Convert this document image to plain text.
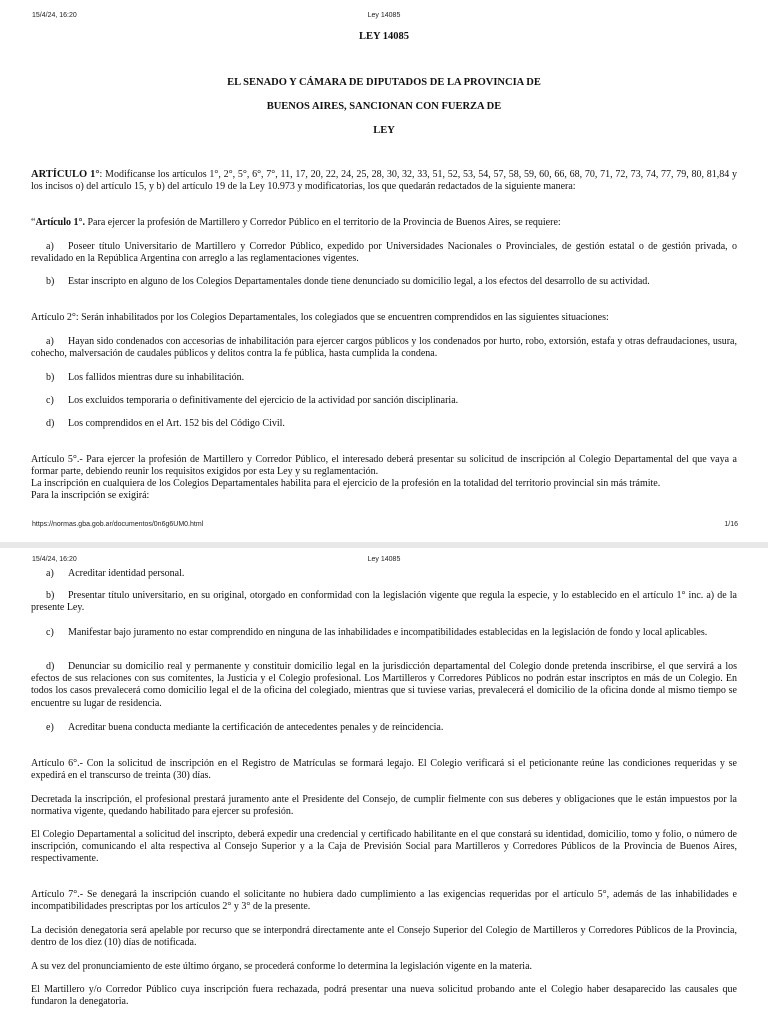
15/4/24, 16:20	Ley 14085

LEY 14085

EL SENADO Y CÁMARA DE DIPUTADOS DE LA PROVINCIA DE

BUENOS AIRES, SANCIONAN CON FUERZA DE

LEY

ARTÍCULO 1°: Modifícanse los artículos 1°, 2°, 5°, 6°, 7°, 11, 17, 20, 22, 24, 25, 28, 30, 32, 33, 51, 52, 53, 54, 57, 58, 59, 60, 66, 68, 70, 71, 72, 73, 74, 77, 79, 80, 81,84 y los incisos o) del artículo 15, y b) del artículo 19 de la Ley 10.973 y modificatorias, los que quedarán redactados de la siguiente manera:

“Artículo 1°. Para ejercer la profesión de Martillero y Corredor Público en el territorio de la Provincia de Buenos Aires, se requiere:

a) Poseer título Universitario de Martillero y Corredor Público, expedido por Universidades Nacionales o Provinciales, de gestión estatal o de gestión privada, o revalidado en la República Argentina con arreglo a las reglamentaciones vigentes.

b) Estar inscripto en alguno de los Colegios Departamentales donde tiene denunciado su domicilio legal, a los efectos del desarrollo de su actividad.

Artículo 2°: Serán inhabilitados por los Colegios Departamentales, los colegiados que se encuentren comprendidos en las siguientes situaciones:

a) Hayan sido condenados con accesorias de inhabilitación para ejercer cargos públicos y los condenados por hurto, robo, extorsión, estafa y otras defraudaciones, usura, cohecho, malversación de caudales públicos y delitos contra la fe pública, hasta cumplida la condena.

b) Los fallidos mientras dure su inhabilitación.

c) Los excluidos temporaria o definitivamente del ejercicio de la actividad por sanción disciplinaria.

d) Los comprendidos en el Art. 152 bis del Código Civil.

Artículo 5°.- Para ejercer la profesión de Martillero y Corredor Público, el interesado deberá presentar su solicitud de inscripción al Colegio Departamental del que vaya a formar parte, debiendo reunir los requisitos exigidos por esta Ley y su reglamentación.

La inscripción en cualquiera de los Colegios Departamentales habilita para el ejercicio de la profesión en la totalidad del territorio provincial sin más trámite.

Para la inscripción se exigirá:

https://normas.gba.gob.ar/documentos/0n6g6UM0.html	1/16
15/4/24, 16:20	Ley 14085

a) Acreditar identidad personal.

b) Presentar título universitario, en su original, otorgado en conformidad con la legislación vigente que regula la especie, y lo establecido en el artículo 1° inc. a) de la presente Ley.

c) Manifestar bajo juramento no estar comprendido en ninguna de las inhabilidades e incompatibilidades establecidas en la legislación de fondo y local aplicables.

d) Denunciar su domicilio real y permanente y constituir domicilio legal en la jurisdicción departamental del Colegio donde pretenda inscribirse, el que servirá a los efectos de sus relaciones con sus comitentes, la Justicia y el Colegio profesional. Los Martilleros y Corredores Públicos no podrán estar inscriptos en más de un Colegio. En todos los casos prevalecerá como domicilio legal el de la oficina del colegiado, mientras que si tuviese varias, prevalecerá el domicilio de la oficina donde al mismo tiempo se encuentre su lugar de residencia.

e) Acreditar buena conducta mediante la certificación de antecedentes penales y de reincidencia.

Artículo 6°.- Con la solicitud de inscripción en el Registro de Matrículas se formará legajo. El Colegio verificará si el peticionante reúne las condiciones requeridas y se expedirá en el transcurso de treinta (30) días.

Decretada la inscripción, el profesional prestará juramento ante el Presidente del Consejo, de cumplir fielmente con sus deberes y obligaciones que le están impuestos por la normativa vigente, quedando habilitado para ejercer su profesión.

El Colegio Departamental a solicitud del inscripto, deberá expedir una credencial y certificado habilitante en el que constará su identidad, domicilio, tomo y folio, o número de inscripción, comunicando el alta respectiva al Consejo Superior y a la Caja de Previsión Social para Martilleros y Corredores Públicos de la Provincia de Buenos Aires, respectivamente.

Artículo 7°.- Se denegará la inscripción cuando el solicitante no hubiera dado cumplimiento a las exigencias requeridas por el artículo 5°, además de las inhabilidades e incompatibilidades prescriptas por los artículos 2° y 3° de la presente.

La decisión denegatoria será apelable por recurso que se interpondrá directamente ante el Consejo Superior del Colegio de Martilleros y Corredores Públicos de la Provincia, dentro de los diez (10) días de notificada.

A su vez del pronunciamiento de este último órgano, se procederá conforme lo determina la legislación vigente en la materia.

El Martillero y/o Corredor Público cuya inscripción fuera rechazada, podrá presentar una nueva solicitud probando ante el Colegio haber desaparecido las causales que fundaron la denegatoria.
